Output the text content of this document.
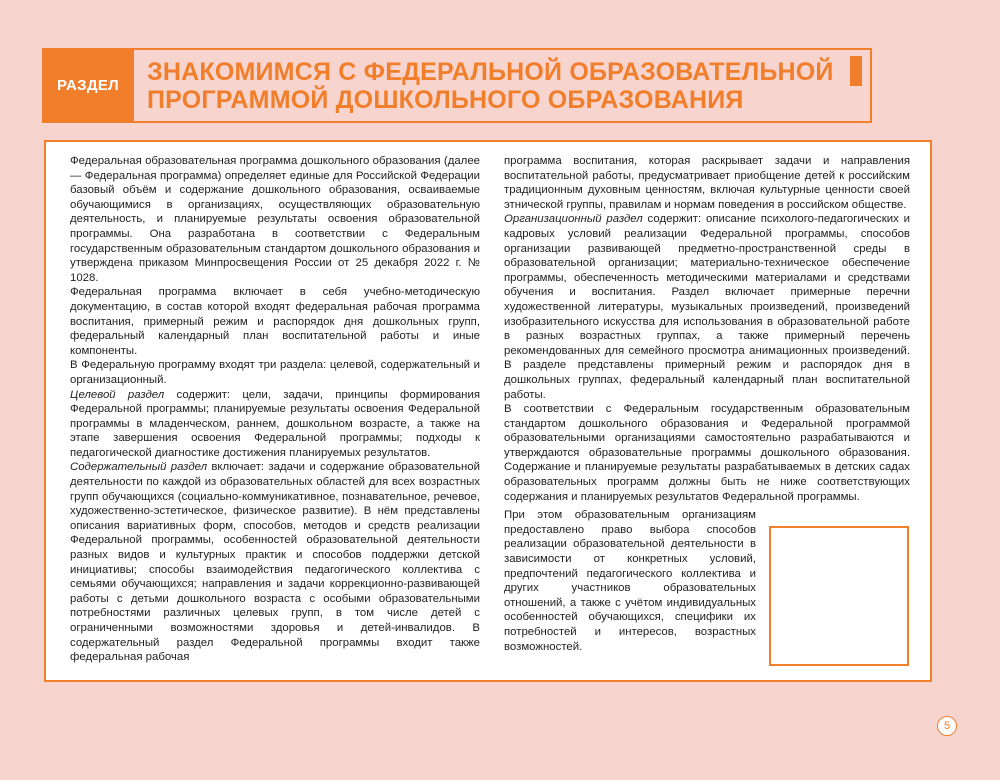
РАЗДЕЛ	ЗНАКОМИМСЯ С ФЕДЕРАЛЬНОЙ ОБРАЗОВАТЕЛЬНОЙ
ПРОГРАММОЙ ДОШКОЛЬНОГО ОБРАЗОВАНИЯ

Федеральная образовательная программа дошкольного образования (далее — Федеральная программа) определяет единые для Российской Федерации базовый объём и содержание дошкольного образования, осваиваемые обучающимися в организациях, осуществляющих образовательную деятельность, и планируемые результаты освоения образовательной программы. Она разработана в соответствии с Федеральным государственным образовательным стандартом дошкольного образования и утверждена приказом Минпросвещения России от 25 декабря 2022 г. № 1028.

Федеральная программа включает в себя учебно-методическую документацию, в состав которой входят федеральная рабочая программа воспитания, примерный режим и распорядок дня дошкольных групп, федеральный календарный план воспитательной работы и иные компоненты.

В Федеральную программу входят три раздела: целевой, содержательный и организационный.

Целевой раздел содержит: цели, задачи, принципы формирования Федеральной программы; планируемые результаты освоения Федеральной программы в младенческом, раннем, дошкольном возрасте, а также на этапе завершения освоения Федеральной программы; подходы к педагогической диагностике достижения планируемых результатов.

Содержательный раздел включает: задачи и содержание образовательной деятельности по каждой из образовательных областей для всех возрастных групп обучающихся (социально-коммуникативное, познавательное, речевое, художественно-эстетическое, физическое развитие). В нём представлены описания вариативных форм, способов, методов и средств реализации Федеральной программы, особенностей образовательной деятельности разных видов и культурных практик и способов поддержки детской инициативы; способы взаимодействия педагогического коллектива с семьями обучающихся; направления и задачи коррекционно-развивающей работы с детьми дошкольного возраста с особыми образовательными потребностями различных целевых групп, в том числе детей с ограниченными возможностями здоровья и детей-инвалидов. В содержательный раздел Федеральной программы входит также федеральная рабочая

программа воспитания, которая раскрывает задачи и направления воспитательной работы, предусматривает приобщение детей к российским традиционным духовным ценностям, включая культурные ценности своей этнической группы, правилам и нормам поведения в российском обществе.

Организационный раздел содержит: описание психолого-педагогических и кадровых условий реализации Федеральной программы, способов организации развивающей предметно-пространственной среды в образовательной организации; материально-техническое обеспечение программы, обеспеченность методическими материалами и средствами обучения и воспитания. Раздел включает примерные перечни художественной литературы, музыкальных произведений, произведений изобразительного искусства для использования в образовательной работе в разных возрастных группах, а также примерный перечень рекомендованных для семейного просмотра анимационных произведений. В разделе представлены примерный режим и распорядок дня в дошкольных группах, федеральный календарный план воспитательной работы.

В соответствии с Федеральным государственным образовательным стандартом дошкольного образования и Федеральной программой образовательными организациями самостоятельно разрабатываются и утверждаются образовательные программы дошкольного образования. Содержание и планируемые результаты разрабатываемых в детских садах образовательных программ должны быть не ниже соответствующих содержания и планируемых результатов Федеральной программы.

При этом образовательным организациям предоставлено право выбора способов реализации образовательной деятельности в зависимости от конкретных условий, предпочтений педагогического коллектива и других участников образовательных отношений, а также с учётом индивидуальных особенностей обучающихся, специфики их потребностей и интересов, возрастных возможностей.

5
